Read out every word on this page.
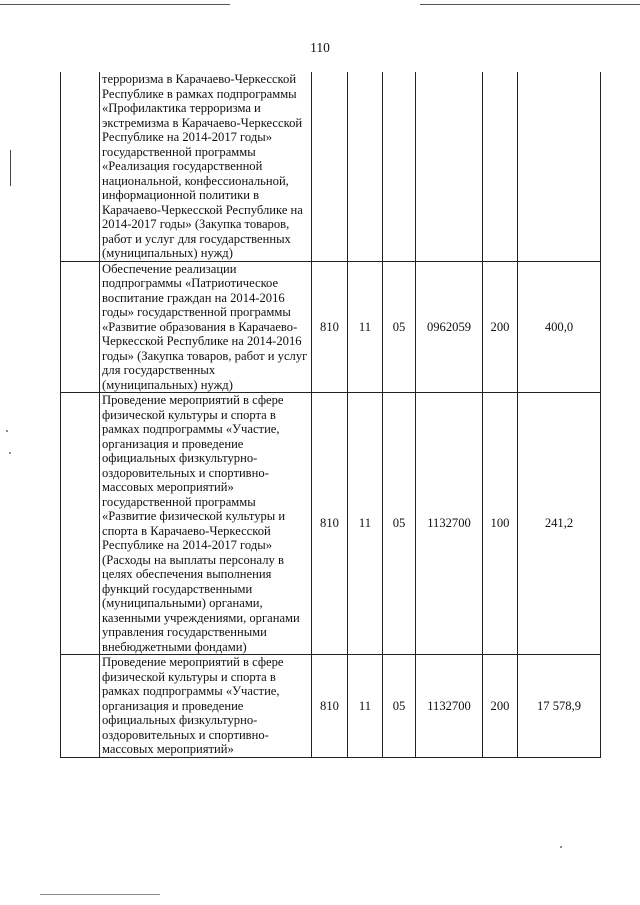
110
	терроризма в Карачаево-Черкесской Республике в рамках подпрограммы «Профилактика терроризма и экстремизма в Карачаево-Черкесской Республике на 2014-2017 годы» государственной программы «Реализация государственной национальной, конфессиональной, информационной политики в Карачаево-Черкесской Республике на 2014-2017 годы» (Закупка товаров, работ и услуг для государственных (муниципальных) нужд)						
	Обеспечение реализации подпрограммы «Патриотическое воспитание граждан на 2014-2016 годы» государственной программы «Развитие образования в Карачаево-Черкесской Республике на 2014-2016 годы» (Закупка товаров, работ и услуг для государственных (муниципальных) нужд)	810	11	05	0962059	200	400,0
	Проведение мероприятий в сфере физической культуры и спорта в рамках подпрограммы «Участие, организация и проведение официальных физкультурно-оздоровительных и спортивно-массовых мероприятий» государственной программы «Развитие физической культуры и спорта в Карачаево-Черкесской Республике на 2014-2017 годы» (Расходы на выплаты персоналу в целях обеспечения выполнения функций государственными (муниципальными) органами, казенными учреждениями, органами управления государственными внебюджетными фондами)	810	11	05	1132700	100	241,2
	Проведение мероприятий в сфере физической культуры и спорта в рамках подпрограммы «Участие, организация и проведение официальных физкультурно-оздоровительных и спортивно-массовых мероприятий»	810	11	05	1132700	200	17 578,9
